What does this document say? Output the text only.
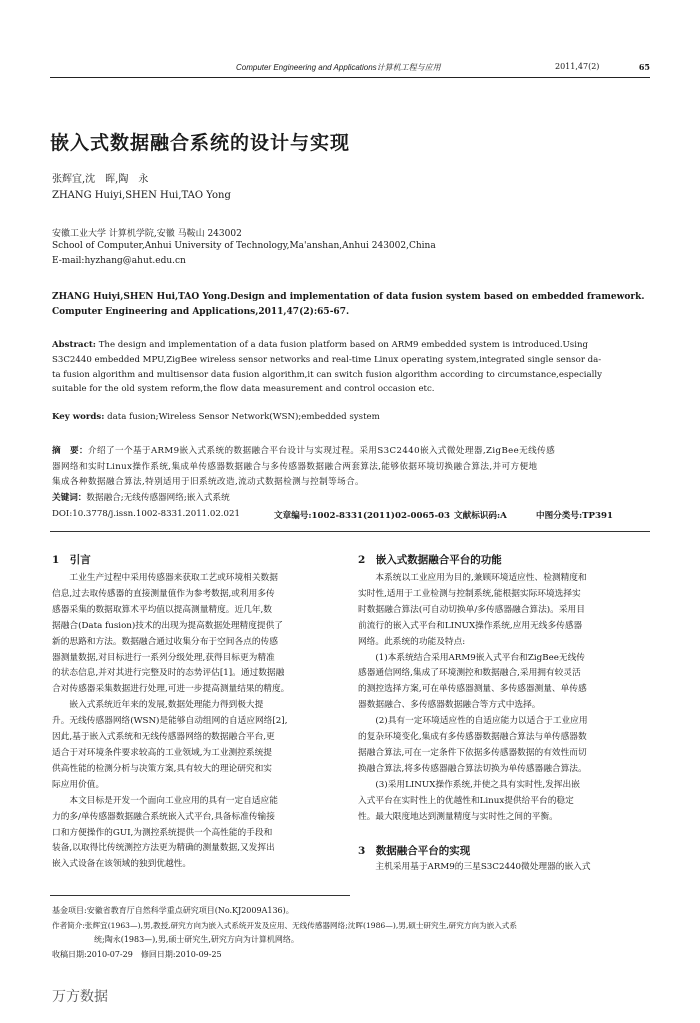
Computer Engineering and Applications计算机工程与应用	2011,47(2)	65
嵌入式数据融合系统的设计与实现
张辉宜,沈　晖,陶　永
ZHANG Huiyi,SHEN Hui,TAO Yong
安徽工业大学 计算机学院,安徽 马鞍山 243002
School of Computer,Anhui University of Technology,Ma'anshan,Anhui 243002,China
E-mail:hyzhang@ahut.edu.cn
ZHANG Huiyi,SHEN Hui,TAO Yong.Design and implementation of data fusion system based on embedded framework.
Computer Engineering and Applications,2011,47(2):65-67.
Abstract: The design and implementation of a data fusion platform based on ARM9 embedded system is introduced.Using
S3C2440 embedded MPU,ZigBee wireless sensor networks and real-time Linux operating system,integrated single sensor da-
ta fusion algorithm and multisensor data fusion algorithm,it can switch fusion algorithm according to circumstance,especially
suitable for the old system reform,the flow data measurement and control occasion etc.
Key words: data fusion;Wireless Sensor Network(WSN);embedded system
摘　要：介绍了一个基于ARM9嵌入式系统的数据融合平台设计与实现过程。采用S3C2440嵌入式微处理器,ZigBee无线传感
器网络和实时Linux操作系统,集成单传感器数据融合与多传感器数据融合两套算法,能够依据环境切换融合算法,并可方便地
集成各种数据融合算法,特别适用于旧系统改造,流动式数据检测与控制等场合。
关键词：数据融合;无线传感器网络;嵌入式系统
DOI:10.3778/j.issn.1002-8331.2011.02.021	文章编号:1002-8331(2011)02-0065-03 文献标识码:A	中图分类号:TP391
1　引言

工业生产过程中采用传感器来获取工艺或环境相关数据
信息,过去取传感器的直接测量值作为参考数据,或利用多传
感器采集的数据取算术平均值以提高测量精度。近几年,数
据融合(Data fusion)技术的出现为提高数据处理精度提供了
新的思路和方法。数据融合通过收集分布于空间各点的传感
器测量数据,对目标进行一系列分级处理,获得目标更为精准
的状态信息,并对其进行完整及时的态势评估[1]。通过数据融
合对传感器采集数据进行处理,可进一步提高测量结果的精度。

嵌入式系统近年来的发展,数据处理能力得到极大提
升。无线传感器网络(WSN)是能够自动组网的自适应网络[2],
因此,基于嵌入式系统和无线传感器网络的数据融合平台,更
适合于对环境条件要求较高的工业领域,为工业测控系统提
供高性能的检测分析与决策方案,具有较大的理论研究和实
际应用价值。

本文目标是开发一个面向工业应用的具有一定自适应能
力的多/单传感器数据融合系统嵌入式平台,具备标准传输接
口和方便操作的GUI,为测控系统提供一个高性能的手段和
装备,以取得比传统测控方法更为精确的测量数据,又发挥出
嵌入式设备在该领域的独到优越性。

2　嵌入式数据融合平台的功能

本系统以工业应用为目的,兼顾环境适应性、检测精度和
实时性,适用于工业检测与控制系统,能根据实际环境选择实
时数据融合算法(可自动切换单/多传感器融合算法)。采用目
前流行的嵌入式平台和LINUX操作系统,应用无线多传感器
网络。此系统的功能及特点:

(1)本系统结合采用ARM9嵌入式平台和ZigBee无线传
感器通信网络,集成了环境测控和数据融合,采用拥有较灵活
的测控选择方案,可在单传感器测量、多传感器测量、单传感
器数据融合、多传感器数据融合等方式中选择。

(2)具有一定环境适应性的自适应能力以适合于工业应用
的复杂环境变化,集成有多传感器数据融合算法与单传感器数
据融合算法,可在一定条件下依据多传感器数据的有效性而切
换融合算法,将多传感器融合算法切换为单传感器融合算法。

(3)采用LINUX操作系统,并使之具有实时性,发挥出嵌
入式平台在实时性上的优越性和Linux提供给平台的稳定
性。最大限度地达到测量精度与实时性之间的平衡。

3　数据融合平台的实现

主机采用基于ARM9的三星S3C2440微处理器的嵌入式

基金项目:安徽省教育厅自然科学重点研究项目(No.KJ2009A136)。
作者简介:张辉宜(1963—),男,教授,研究方向为嵌入式系统开发及应用、无线传感器网络;沈晖(1986—),男,硕士研究生,研究方向为嵌入式系
统;陶永(1983—),男,硕士研究生,研究方向为计算机网络。
收稿日期:2010-07-29　修回日期:2010-09-25
万方数据
